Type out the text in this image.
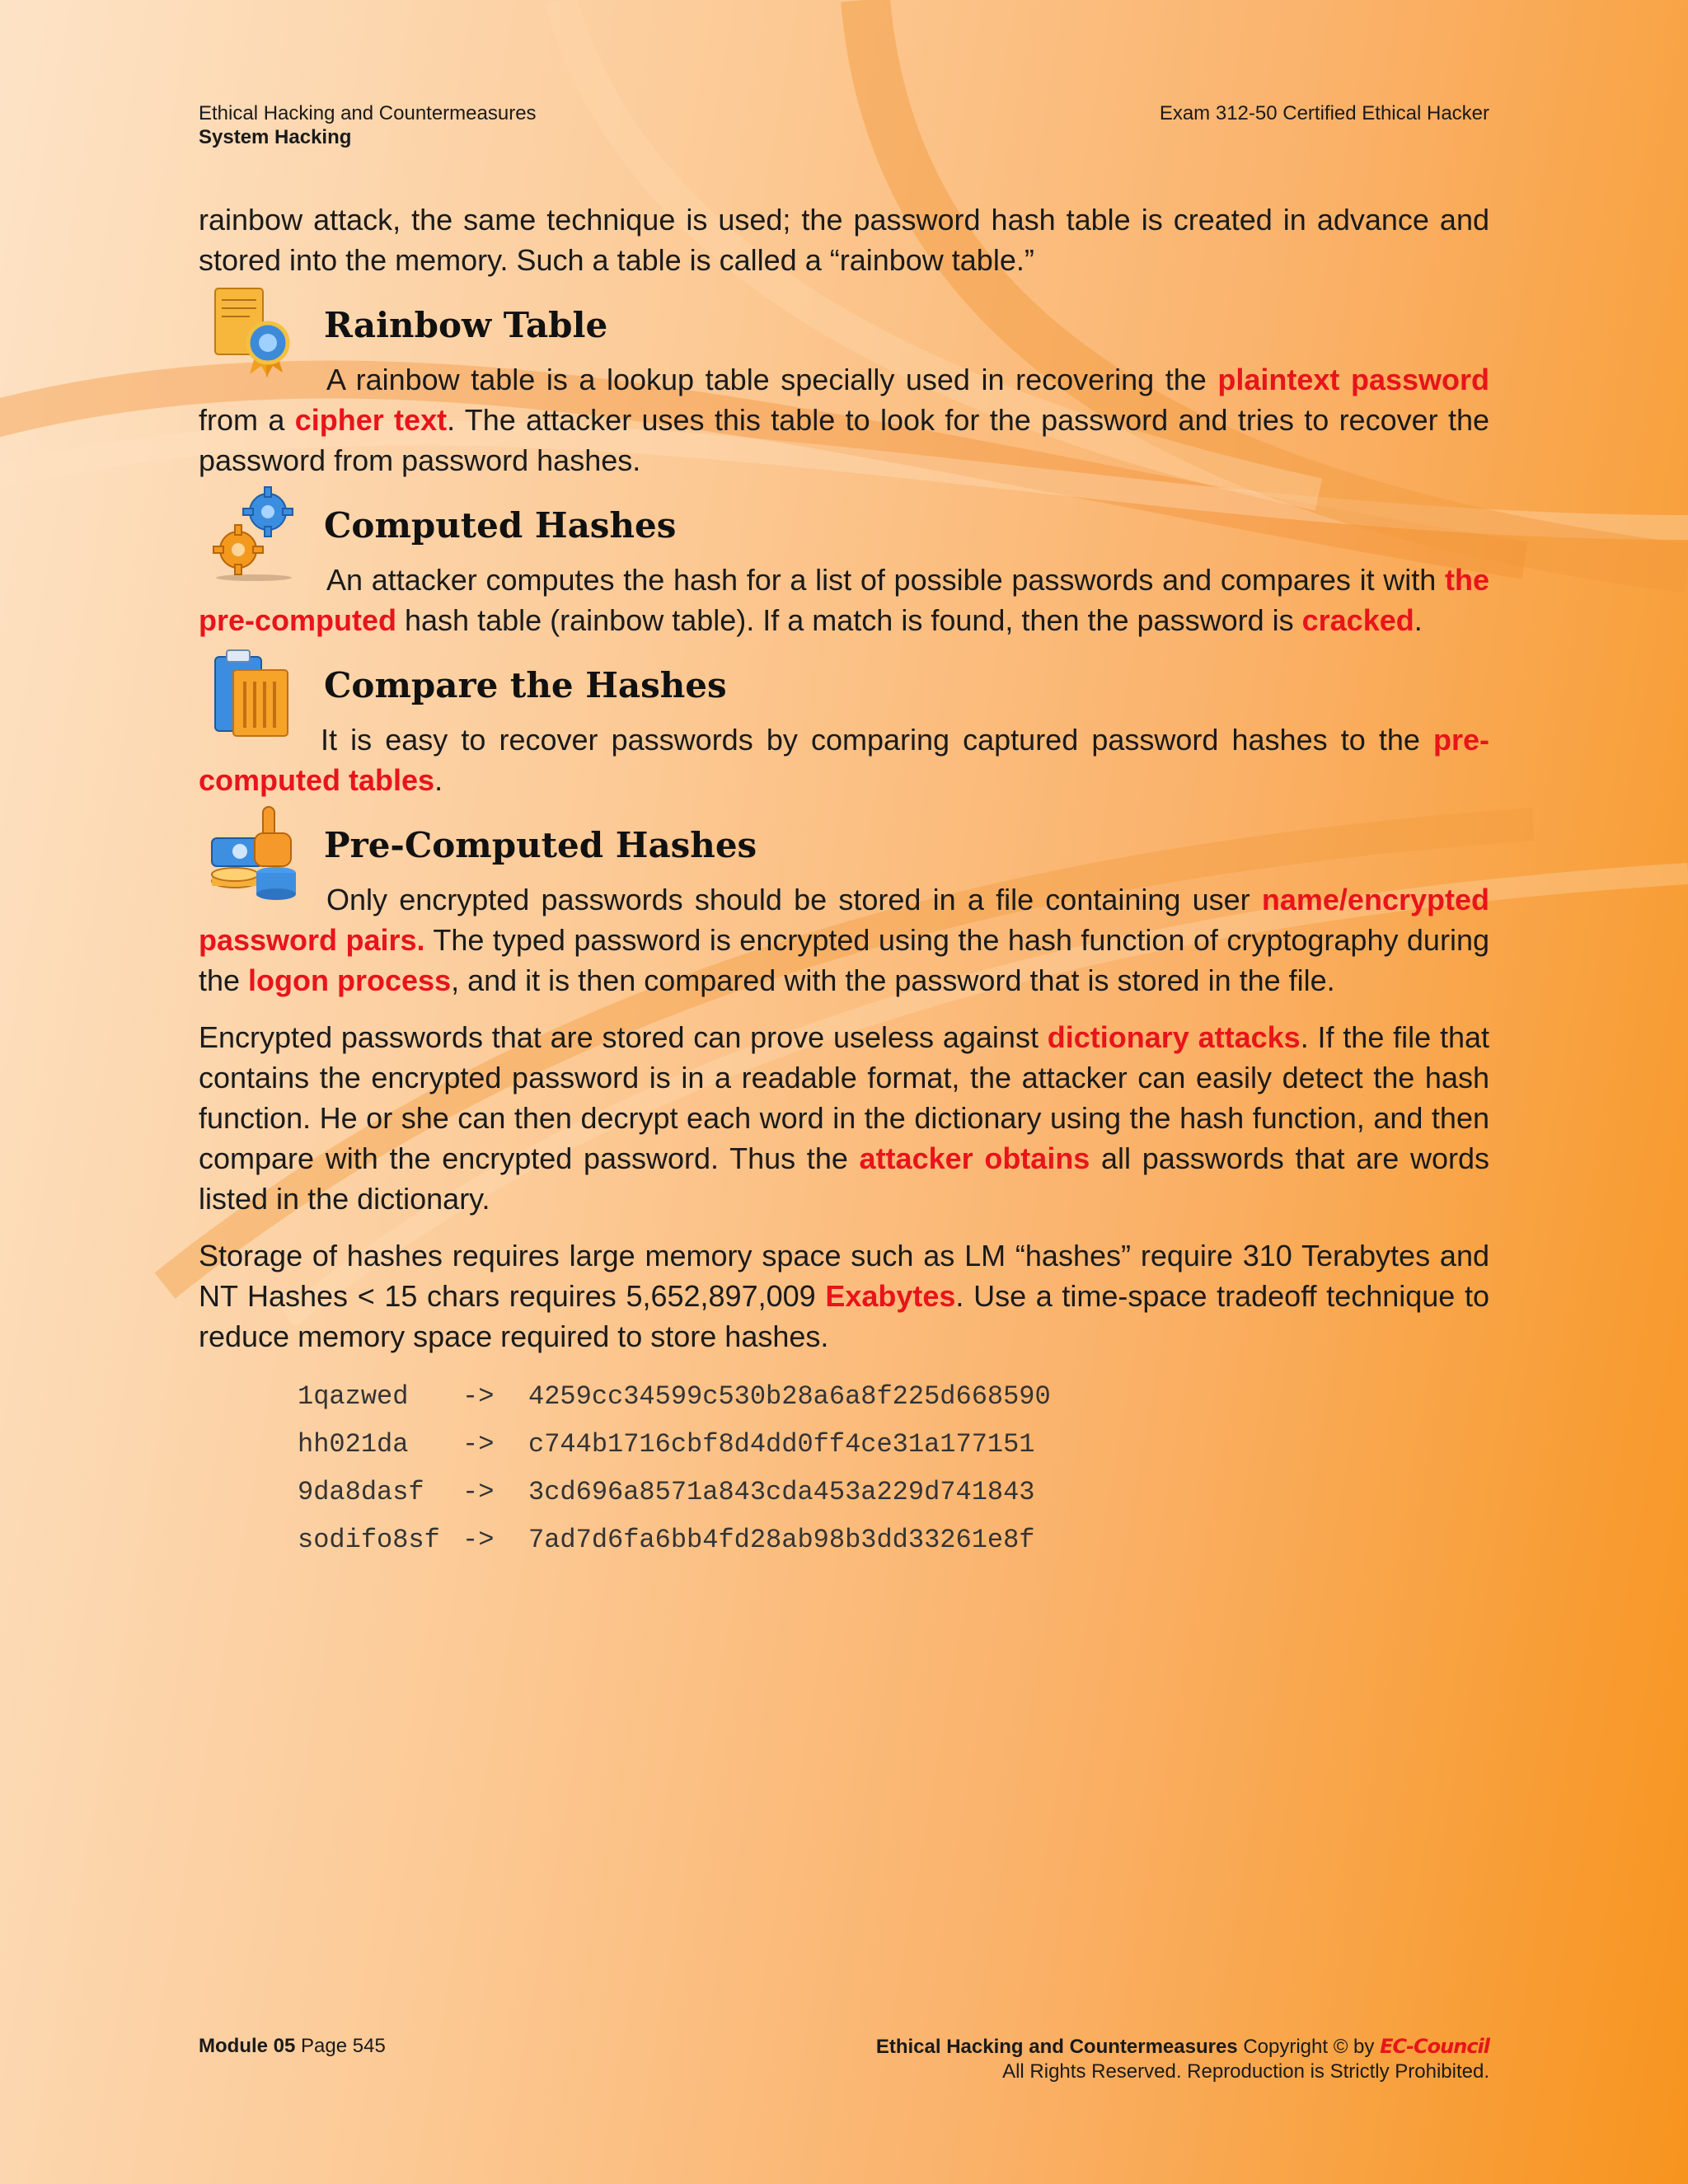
Ethical Hacking and Countermeasures
System Hacking
Exam 312-50 Certified Ethical Hacker

rainbow attack, the same technique is used; the password hash table is created in advance and stored into the memory. Such a table is called a “rainbow table.”

Rainbow Table

A rainbow table is a lookup table specially used in recovering the plaintext password from a cipher text. The attacker uses this table to look for the password and tries to recover the password from password hashes.

Computed Hashes

An attacker computes the hash for a list of possible passwords and compares it with the pre-computed hash table (rainbow table). If a match is found, then the password is cracked.

Compare the Hashes

It is easy to recover passwords by comparing captured password hashes to the pre-computed tables.

Pre-Computed Hashes

Only encrypted passwords should be stored in a file containing user name/encrypted password pairs. The typed password is encrypted using the hash function of cryptography during the logon process, and it is then compared with the password that is stored in the file.

Encrypted passwords that are stored can prove useless against dictionary attacks. If the file that contains the encrypted password is in a readable format, the attacker can easily detect the hash function. He or she can then decrypt each word in the dictionary using the hash function, and then compare with the encrypted password. Thus the attacker obtains all passwords that are words listed in the dictionary.

Storage of hashes requires large memory space such as LM “hashes” require 310 Terabytes and NT Hashes < 15 chars requires 5,652,897,009 Exabytes. Use a time-space tradeoff technique to reduce memory space required to store hashes.

1qazwed -> 4259cc34599c530b28a6a8f225d668590
hh021da -> c744b1716cbf8d4dd0ff4ce31a177151
9da8dasf -> 3cd696a8571a843cda453a229d741843
sodifo8sf -> 7ad7d6fa6bb4fd28ab98b3dd33261e8f
Module 05 Page 545	Ethical Hacking and Countermeasures Copyright © by EC-Council
All Rights Reserved. Reproduction is Strictly Prohibited.
